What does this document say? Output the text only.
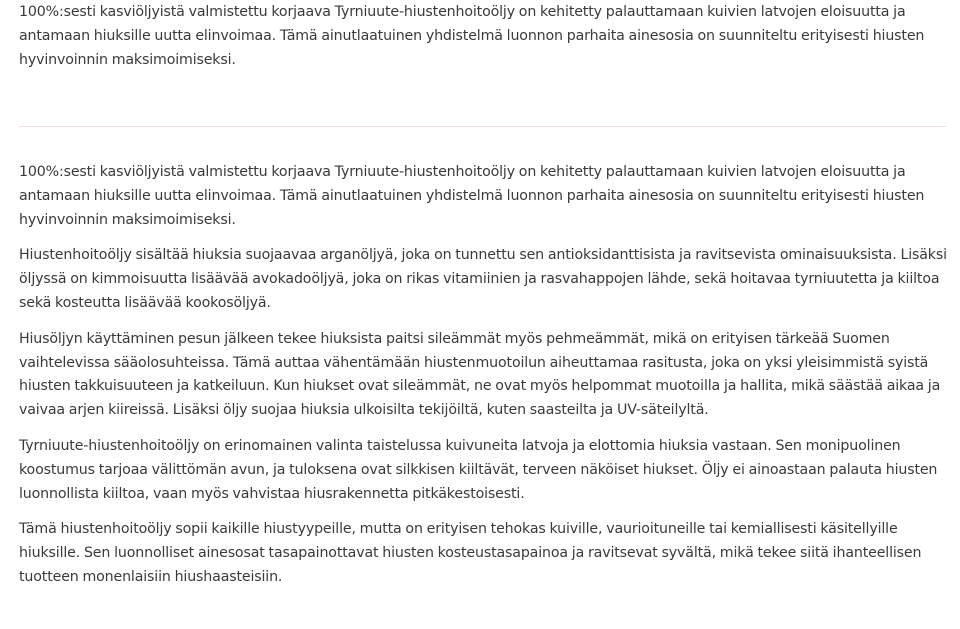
100%:sesti kasviöljyistä valmistettu korjaava Tyrniuute-hiustenhoitoöljy on kehitetty palauttamaan kuivien latvojen eloisuutta ja antamaan hiuksille uutta elinvoimaa. Tämä ainutlaatuinen yhdistelmä luonnon parhaita ainesosia on suunniteltu erityisesti hiusten hyvinvoinnin maksimoimiseksi.

100%:sesti kasviöljyistä valmistettu korjaava Tyrniuute-hiustenhoitoöljy on kehitetty palauttamaan kuivien latvojen eloisuutta ja antamaan hiuksille uutta elinvoimaa. Tämä ainutlaatuinen yhdistelmä luonnon parhaita ainesosia on suunniteltu erityisesti hiusten hyvinvoinnin maksimoimiseksi.

Hiustenhoitoöljy sisältää hiuksia suojaavaa arganöljyä, joka on tunnettu sen antioksidanttisista ja ravitsevista ominaisuuksista. Lisäksi öljyssä on kimmoisuutta lisäävää avokadoöljyä, joka on rikas vitamiinien ja rasvahappojen lähde, sekä hoitavaa tyrniuutetta ja kiiltoa sekä kosteutta lisäävää kookosöljyä.

Hiusöljyn käyttäminen pesun jälkeen tekee hiuksista paitsi sileämmät myös pehmeämmät, mikä on erityisen tärkeää Suomen vaihtelevissa sääolosuhteissa. Tämä auttaa vähentämään hiustenmuotoilun aiheuttamaa rasitusta, joka on yksi yleisimmistä syistä hiusten takkuisuuteen ja katkeiluun. Kun hiukset ovat sileämmät, ne ovat myös helpommat muotoilla ja hallita, mikä säästää aikaa ja vaivaa arjen kiireissä. Lisäksi öljy suojaa hiuksia ulkoisilta tekijöiltä, kuten saasteilta ja UV-säteilyltä.

Tyrniuute-hiustenhoitoöljy on erinomainen valinta taistelussa kuivuneita latvoja ja elottomia hiuksia vastaan. Sen monipuolinen koostumus tarjoaa välittömän avun, ja tuloksena ovat silkkisen kiiltävät, terveen näköiset hiukset. Öljy ei ainoastaan palauta hiusten luonnollista kiiltoa, vaan myös vahvistaa hiusrakennetta pitkäkestoisesti.

Tämä hiustenhoitoöljy sopii kaikille hiustyypeille, mutta on erityisen tehokas kuiville, vaurioituneille tai kemiallisesti käsitellyille hiuksille. Sen luonnolliset ainesosat tasapainottavat hiusten kosteustasapainoa ja ravitsevat syvältä, mikä tekee siitä ihanteellisen tuotteen monenlaisiin hiushaasteisiin.
